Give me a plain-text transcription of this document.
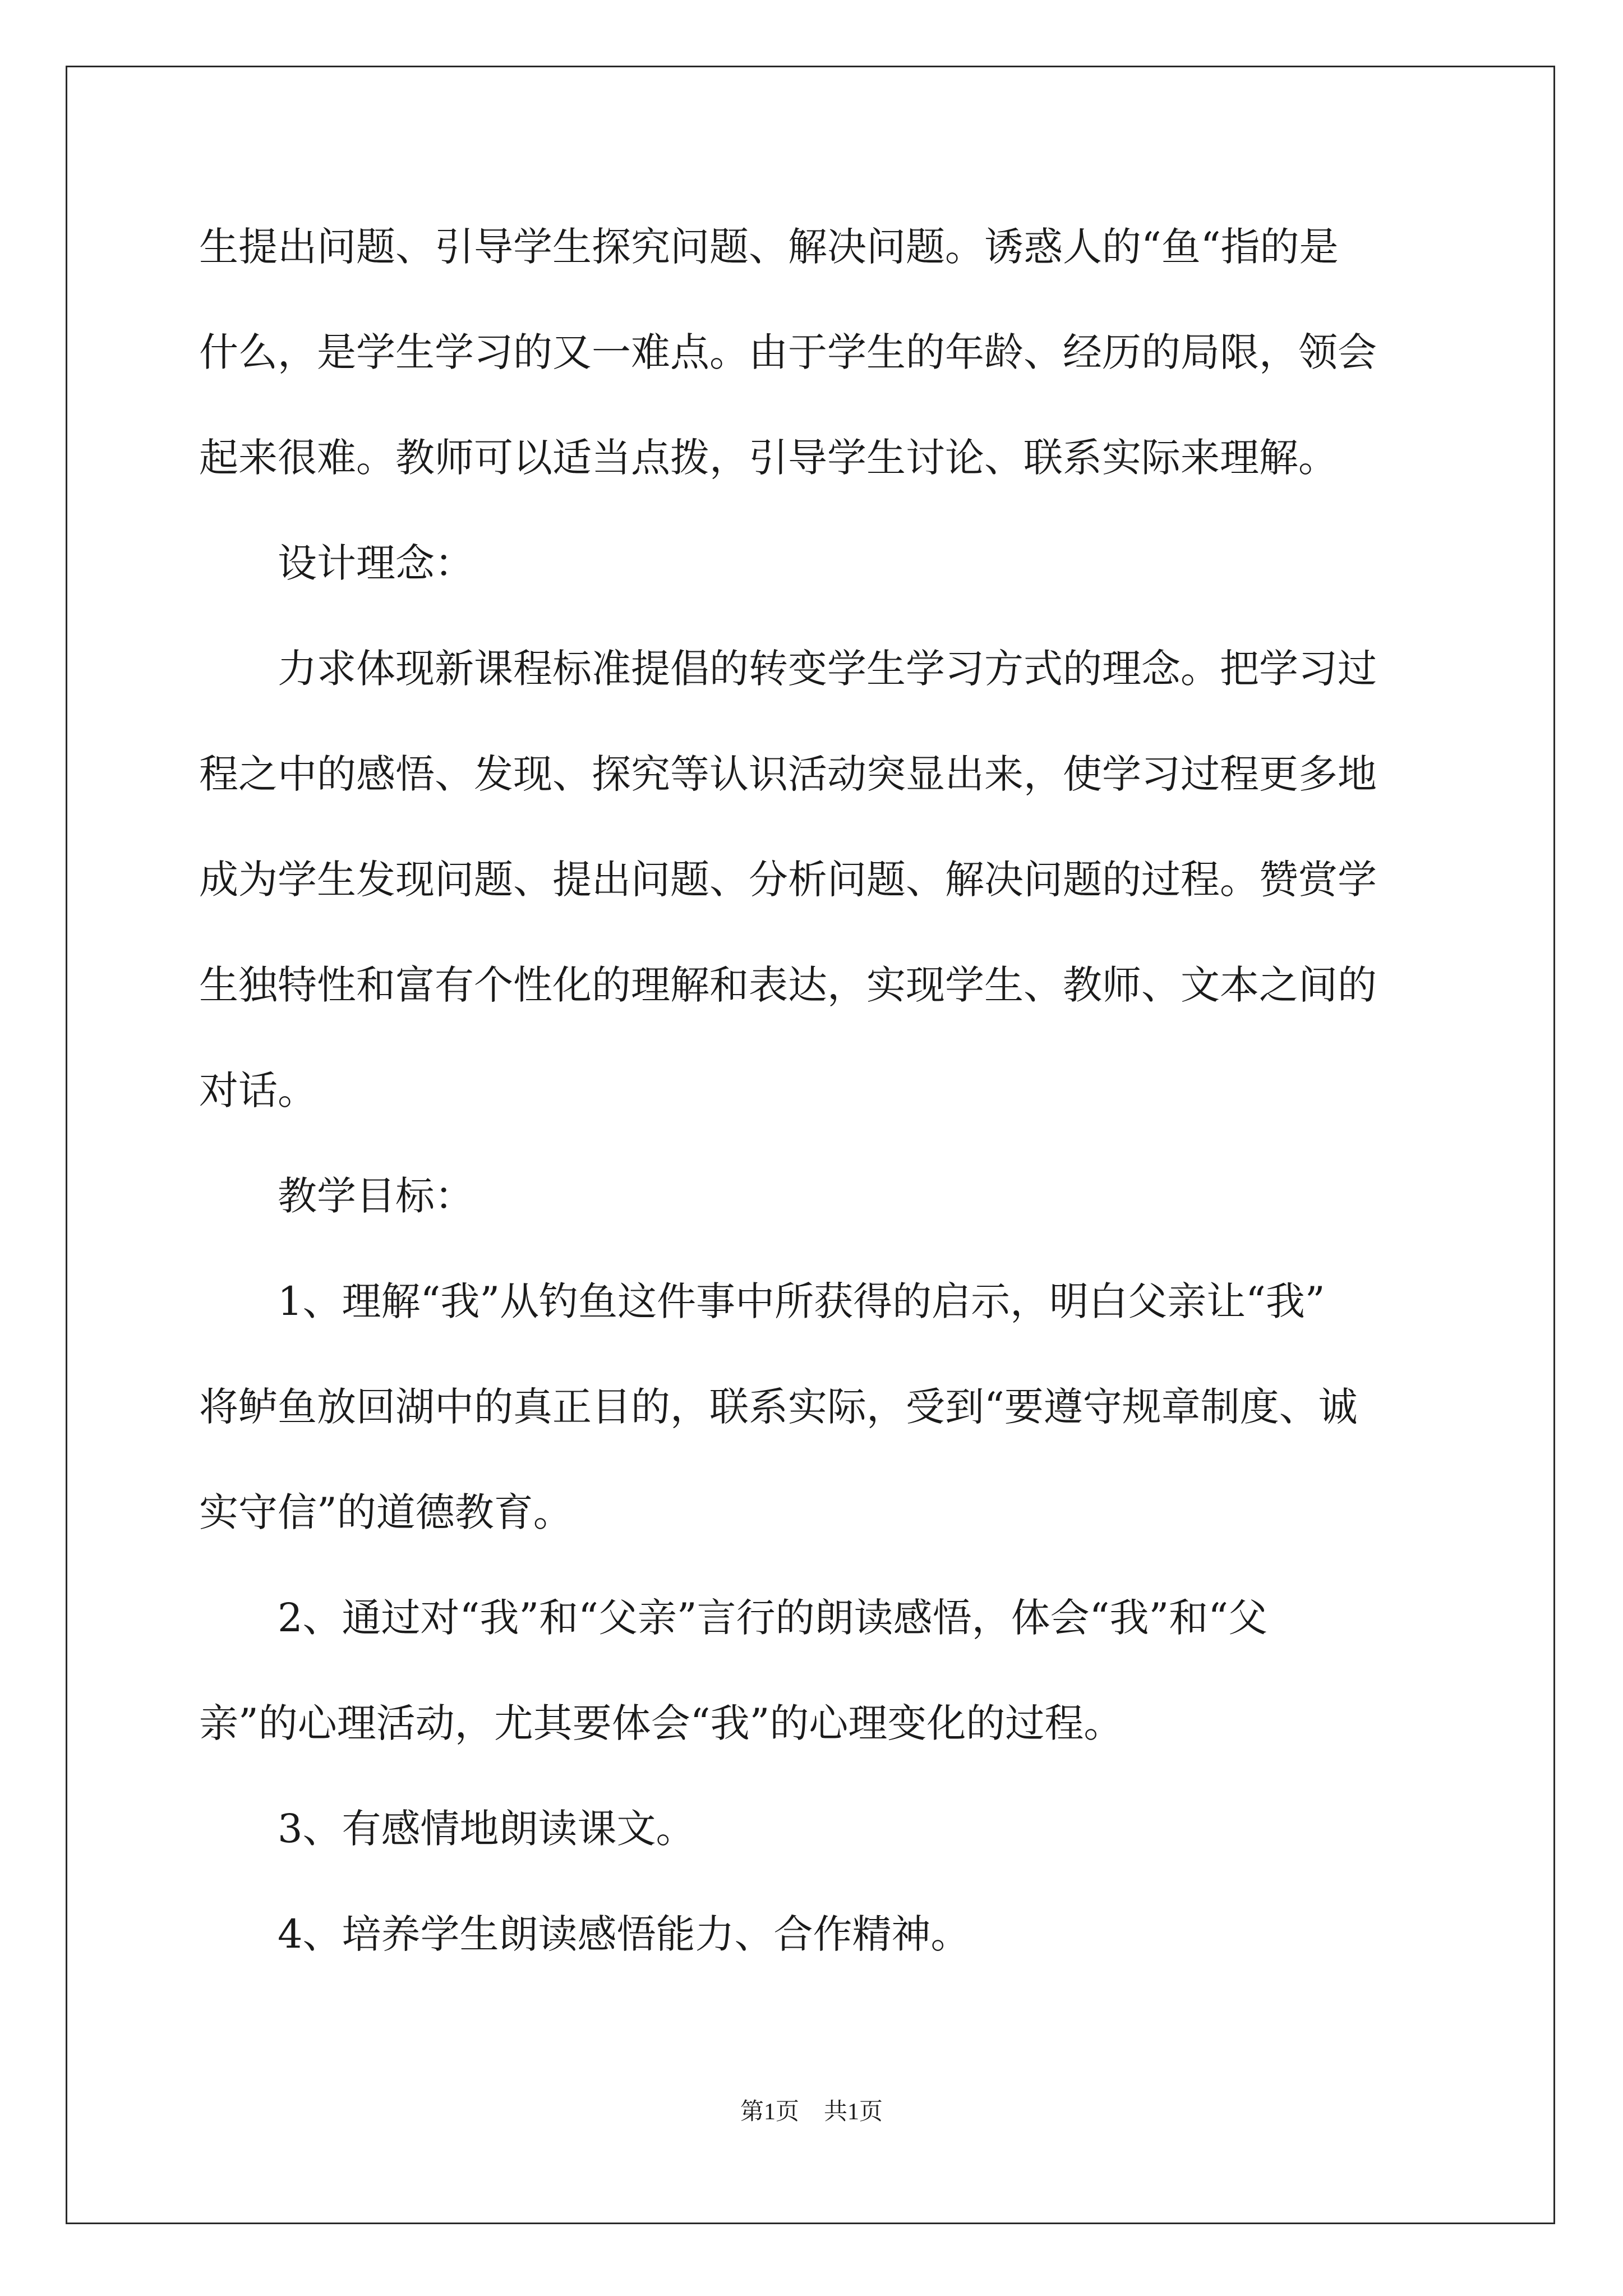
生提出问题、引导学生探究问题、解决问题。诱惑人的“鱼“指的是
什么，是学生学习的又一难点。由于学生的年龄、经历的局限，领会
起来很难。教师可以适当点拨，引导学生讨论、联系实际来理解。
设计理念：
力求体现新课程标准提倡的转变学生学习方式的理念。把学习过
程之中的感悟、发现、探究等认识活动突显出来，使学习过程更多地
成为学生发现问题、提出问题、分析问题、解决问题的过程。赞赏学
生独特性和富有个性化的理解和表达，实现学生、教师、文本之间的
对话。
教学目标：
1、理解“我”从钓鱼这件事中所获得的启示，明白父亲让“我”
将鲈鱼放回湖中的真正目的，联系实际，受到“要遵守规章制度、诚
实守信”的道德教育。
2、通过对“我”和“父亲”言行的朗读感悟，体会“我”和“父
亲”的心理活动，尤其要体会“我”的心理变化的过程。
3、有感情地朗读课文。
4、培养学生朗读感悟能力、合作精神。
第1页 共1页
